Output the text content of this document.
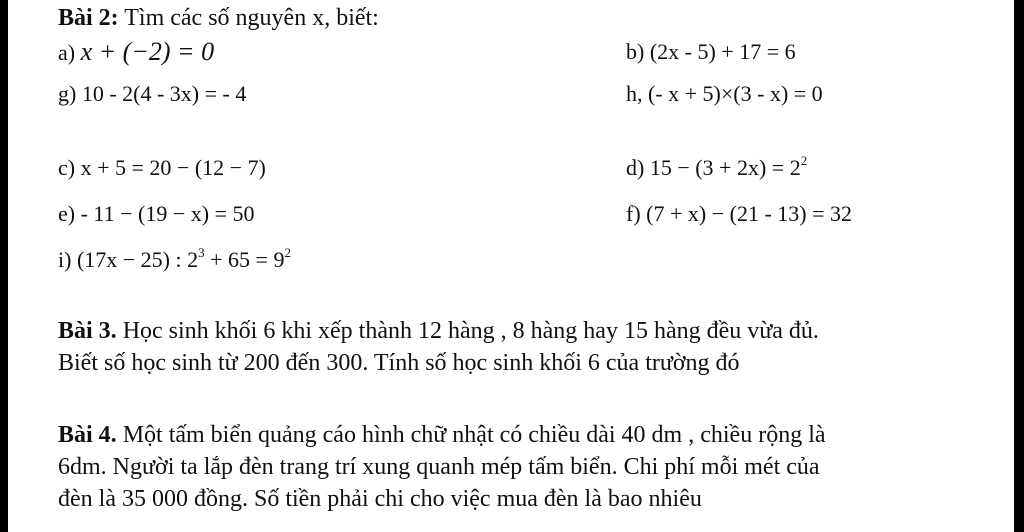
Bài 2: Tìm các số nguyên x, biết:
a) x + (−2) = 0	b) (2x - 5) + 17 = 6
g) 10 - 2(4 - 3x) = - 4	h, (- x + 5)×(3 - x) = 0
c) x + 5 = 20 − (12 − 7)	d) $15 - (3 + 2x) = 2^2$
e) - 11 − (19 − x) = 50	f) (7 + x) − (21 - 13) = 32
i) (17x − 25) : $2^3 + 65 = 9^2$
Bài 3. Học sinh khối 6 khi xếp thành 12 hàng , 8 hàng hay 15 hàng đều vừa đủ.
Biết số học sinh từ 200 đến 300. Tính số học sinh khối 6 của trường đó
Bài 4. Một tấm biển quảng cáo hình chữ nhật có chiều dài 40 dm , chiều rộng là
6dm. Người ta lắp đèn trang trí xung quanh mép tấm biển. Chi phí mỗi mét của
đèn là 35 000 đồng. Số tiền phải chi cho việc mua đèn là bao nhiêu
